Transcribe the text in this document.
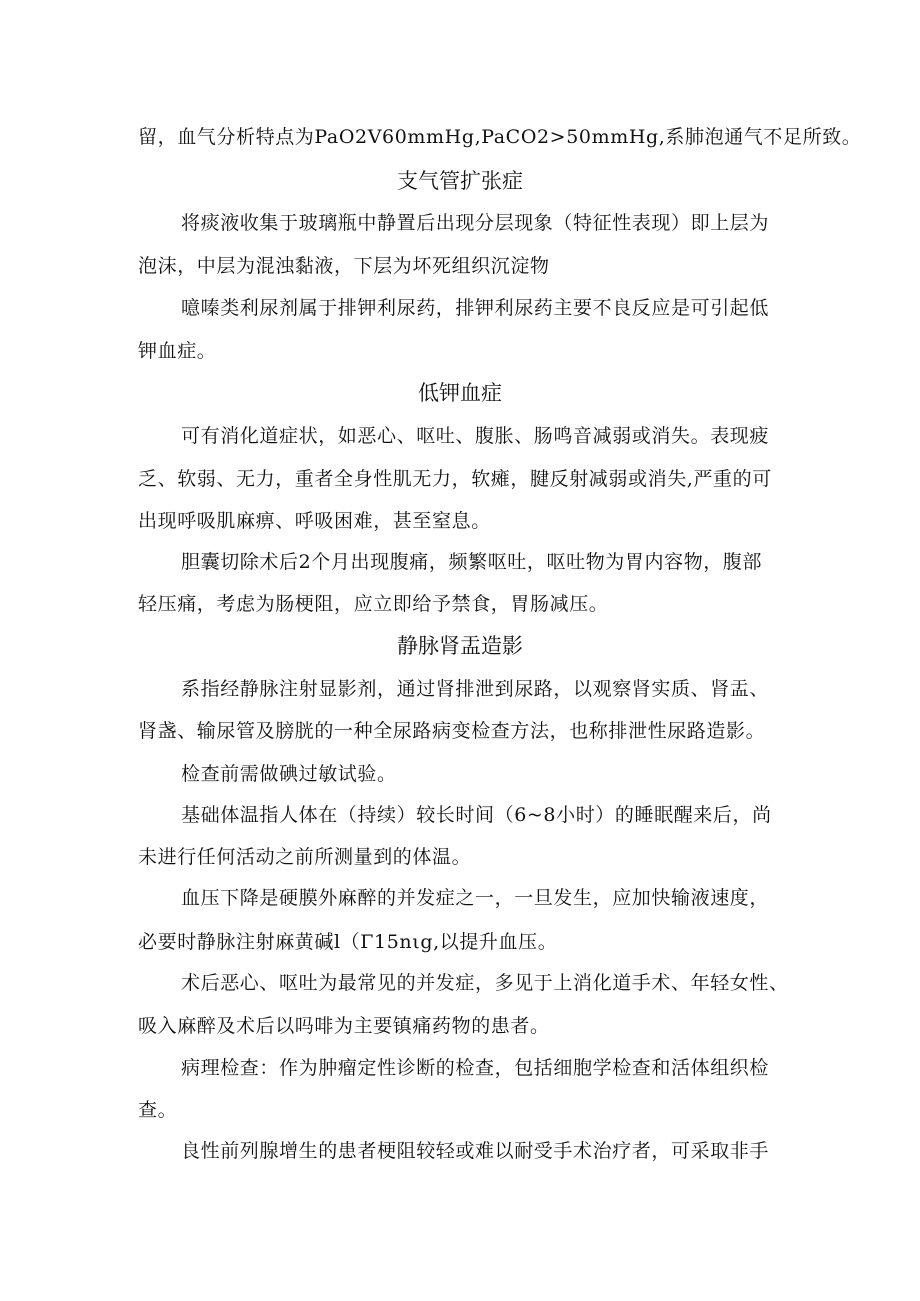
留，血气分析特点为PaO2V60mmHg,PaCO2>50mmHg,系肺泡通气不足所致。
支气管扩张症
将痰液收集于玻璃瓶中静置后出现分层现象（特征性表现）即上层为
泡沫，中层为混浊黏液，下层为坏死组织沉淀物
噫嗪类利尿剂属于排钾利尿药，排钾利尿药主要不良反应是可引起低
钾血症。
低钾血症
可有消化道症状，如恶心、呕吐、腹胀、肠鸣音减弱或消失。表现疲
乏、软弱、无力，重者全身性肌无力，软瘫，腱反射减弱或消失,严重的可
出现呼吸肌麻痹、呼吸困难，甚至窒息。
胆囊切除术后2个月出现腹痛，频繁呕吐，呕吐物为胃内容物，腹部
轻压痛，考虑为肠梗阻，应立即给予禁食，胃肠减压。
静脉肾盂造影
系指经静脉注射显影剂，通过肾排泄到尿路，以观察肾实质、肾盂、
肾盏、输尿管及膀胱的一种全尿路病变检查方法，也称排泄性尿路造影。
检查前需做碘过敏试验。
基础体温指人体在（持续）较长时间（6~8小时）的睡眠醒来后，尚
未进行任何活动之前所测量到的体温。
血压下降是硬膜外麻醉的并发症之一，一旦发生，应加快输液速度，
必要时静脉注射麻黄碱l（Γ15nιg,以提升血压。
术后恶心、呕吐为最常见的并发症，多见于上消化道手术、年轻女性、
吸入麻醉及术后以吗啡为主要镇痛药物的患者。
病理检查：作为肿瘤定性诊断的检查，包括细胞学检查和活体组织检
查。
良性前列腺增生的患者梗阻较轻或难以耐受手术治疗者，可采取非手
